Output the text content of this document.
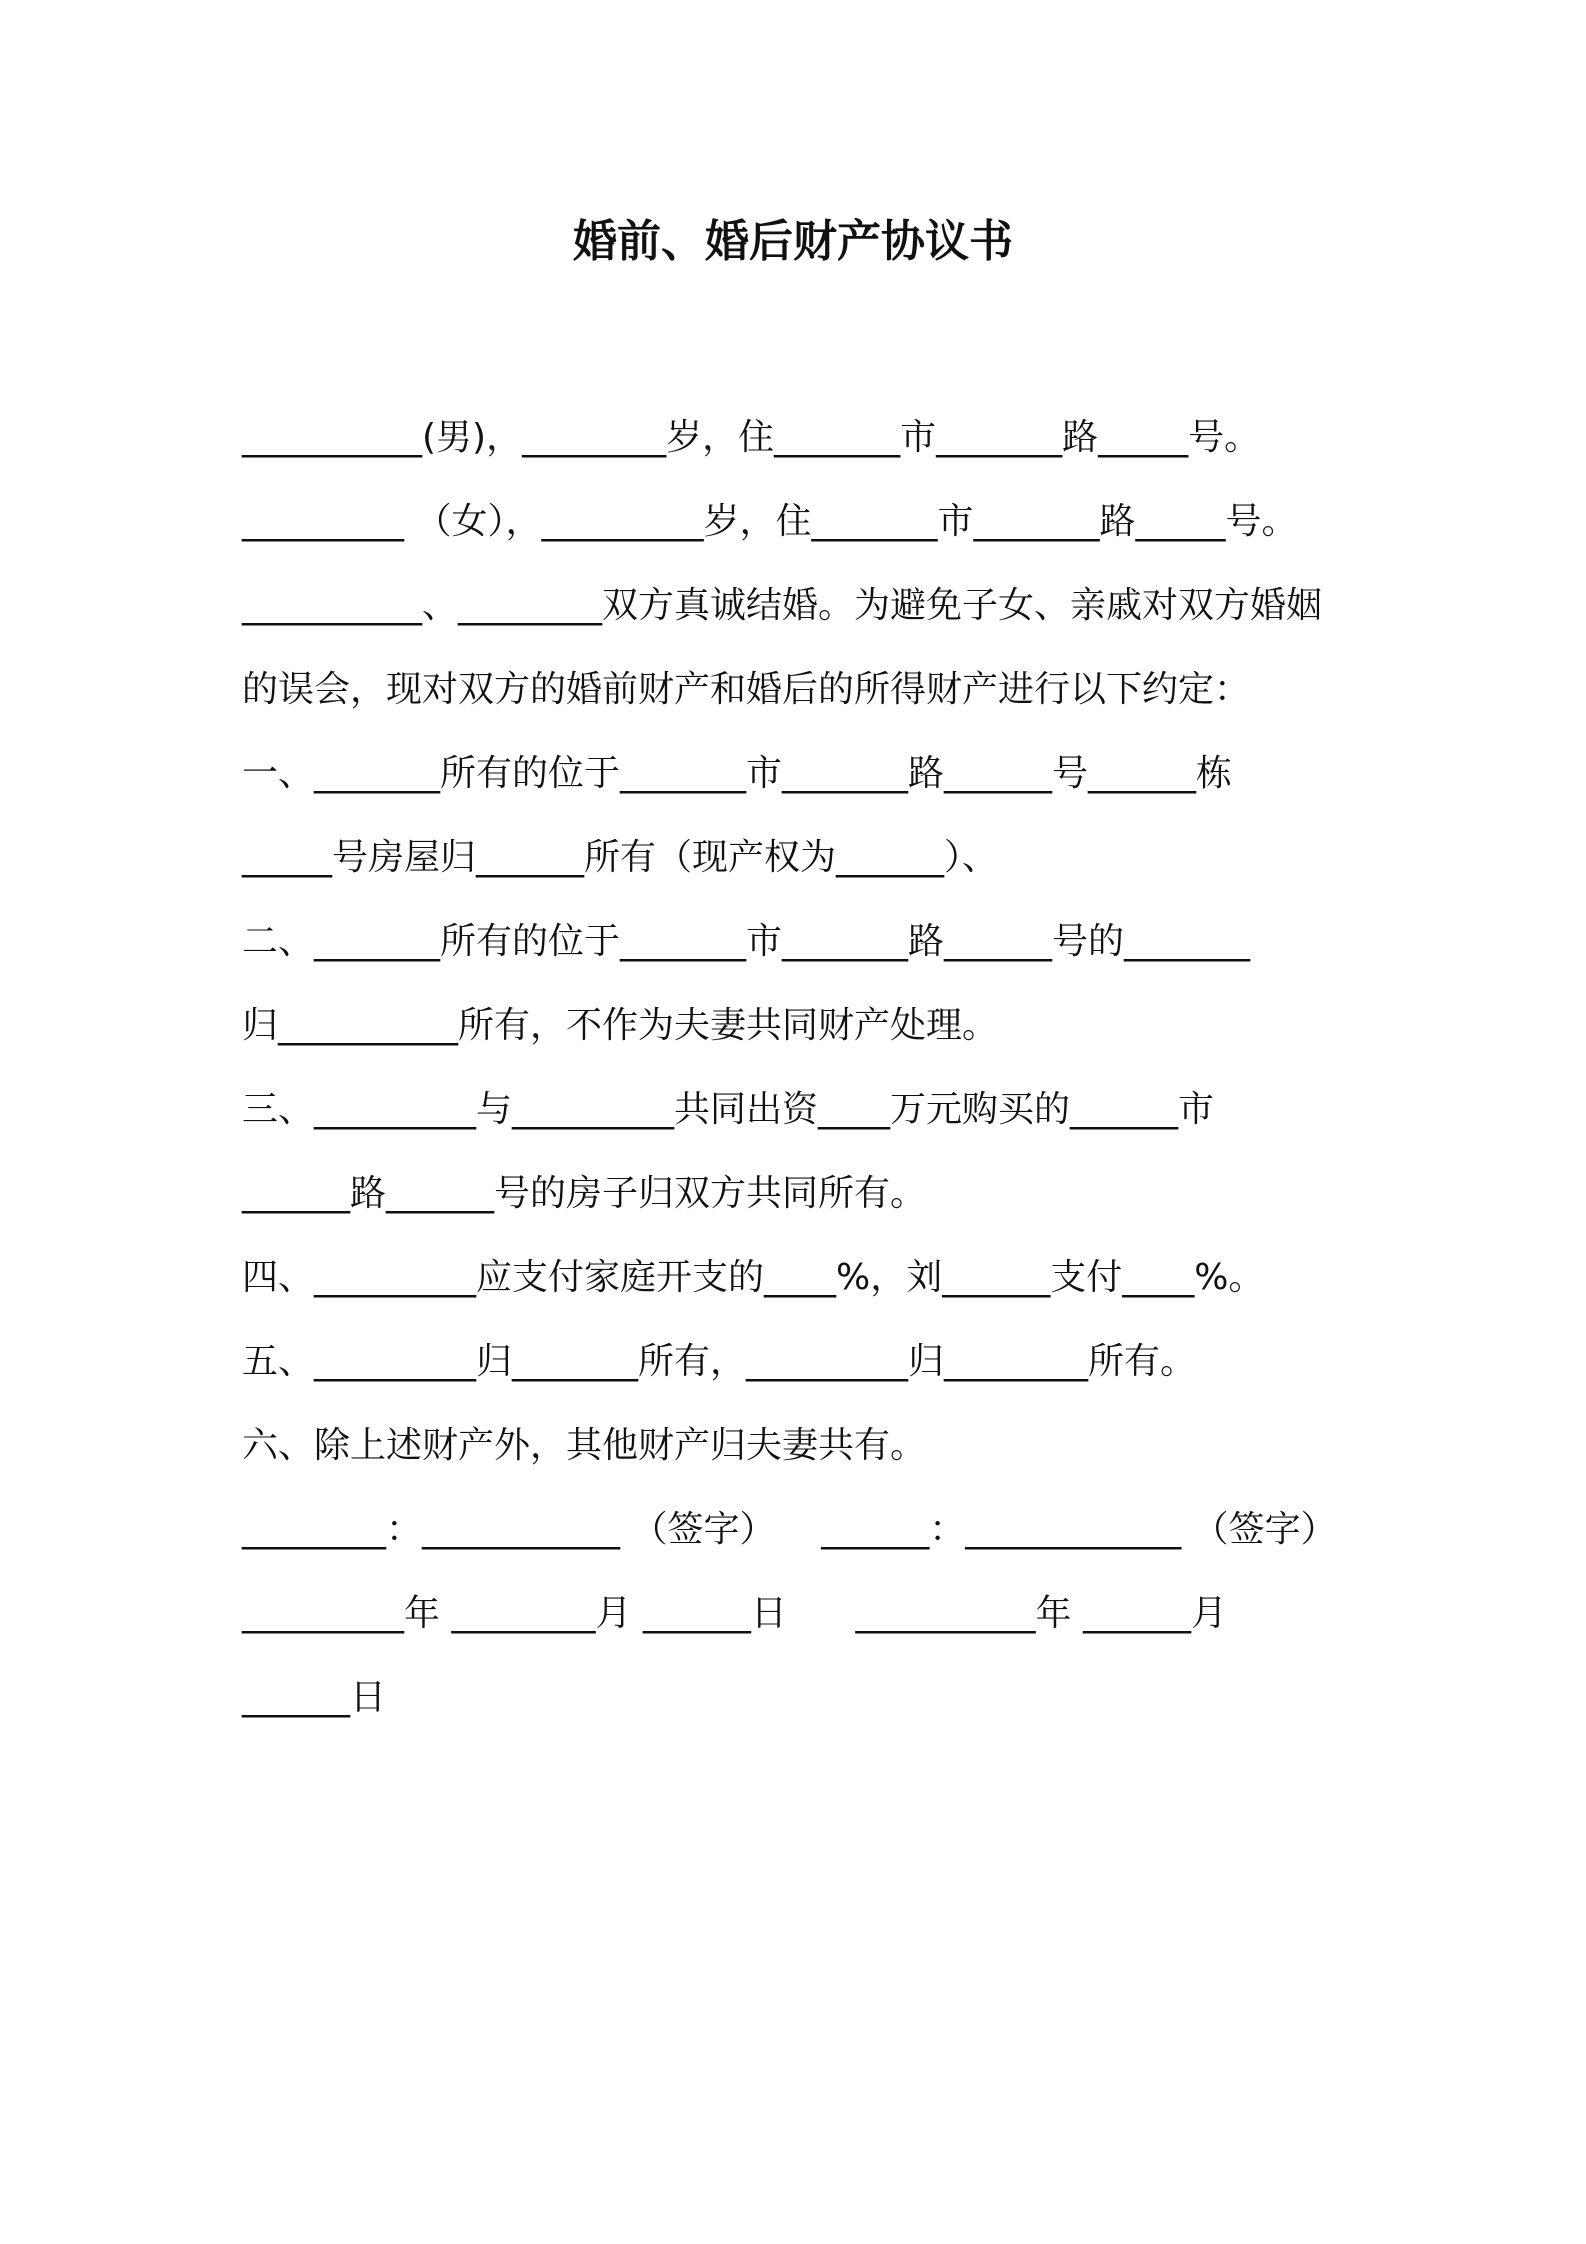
婚前、婚后财产协议书
__________(男)，________岁，住_______市_______路_____号。
_________ （女），_________岁，住_______市_______路_____号。
__________、________双方真诚结婚。为避免子女、亲戚对双方婚姻
的误会，现对双方的婚前财产和婚后的所得财产进行以下约定：
一、_______所有的位于_______市_______路______号______栋
_____号房屋归______所有（现产权为______）、
二、_______所有的位于_______市_______路______号的_______
归__________所有，不作为夫妻共同财产处理。
三、_________与_________共同出资____万元购买的______市
______路______号的房子归双方共同所有。
四、_________应支付家庭开支的____%，刘______支付____%。
五、_________归_______所有，_________归________所有。
六、除上述财产外，其他财产归夫妻共有。
________：___________ （签字）    ______：____________ （签字）
_________年 ________月 ______日      __________年 ______月
______日
